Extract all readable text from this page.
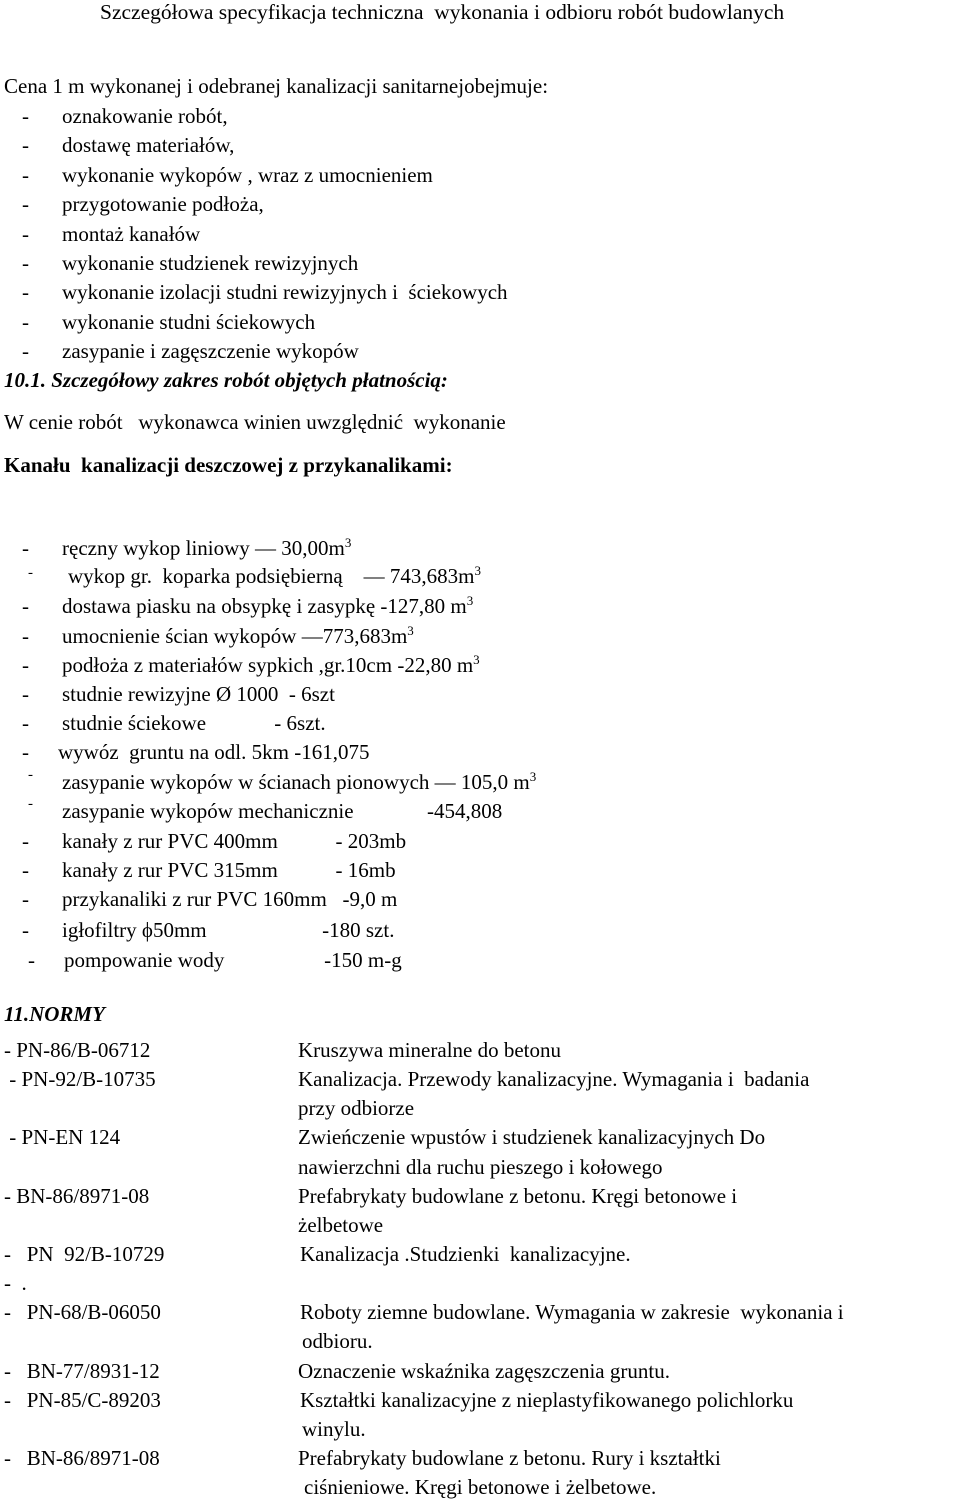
Szczegółowa specyfikacja techniczna  wykonania i odbioru robót budowlanych
Cena 1 m wykonanej i odebranej kanalizacji sanitarnejobejmuje:
- oznakowanie robót,
- dostawę materiałów,
- wykonanie wykopów , wraz z umocnieniem
- przygotowanie podłoża,
- montaż kanałów
- wykonanie studzienek rewizyjnych
- wykonanie izolacji studni rewizyjnych i  ściekowych
- wykonanie studni ściekowych
- zasypanie i zagęszczenie wykopów
10.1. Szczegółowy zakres robót objętych płatnością:
W cenie robót   wykonawca winien uwzględnić  wykonanie
Kanału  kanalizacji deszczowej z przykanalikami:
- ręczny wykop liniowy — $30,00m^3$
- wykop gr.  koparka podsiębierną    — $743,683m^3$
- dostawa piasku na obsypkę i zasypkę -127,80 $m^3$
- umocnienie ścian wykopów $—773,683m^3$
- podłoża z materiałów sypkich ,gr.10cm -22,80 $m^3$
- studnie rewizyjne Ø 1000  - 6szt
- studnie ściekowe             - 6szt.
- wywóz  gruntu na odl. 5km -161,075
- zasypanie wykopów w ścianach pionowych — 105,0 $m^3$
- zasypanie wykopów mechanicznie              -454,808
- kanały z rur PVC 400mm           - 203mb
- kanały z rur PVC 315mm           - 16mb
- przykanaliki z rur PVC 160mm   -9,0 m
- igłofiltry ϕ50mm                      -180 szt.
- pompowanie wody                   -150 m-g
11.NORMY
- PN-86/B-06712	Kruszywa mineralne do betonu
- PN-92/B-10735	Kanalizacja. Przewody kanalizacyjne. Wymagania i  badania
przy odbiorze
- PN-EN 124	Zwieńczenie wpustów i studzienek kanalizacyjnych Do
nawierzchni dla ruchu pieszego i kołowego
- BN-86/8971-08	Prefabrykaty budowlane z betonu. Kręgi betonowe i
żelbetowe
-   PN  92/B-10729	Kanalizacja .Studzienki  kanalizacyjne.
-  .
-   PN-68/B-06050	Roboty ziemne budowlane. Wymagania w zakresie  wykonania i
odbioru.
-   BN-77/8931-12	Oznaczenie wskaźnika zagęszczenia gruntu.
-   PN-85/C-89203	Kształtki kanalizacyjne z nieplastyfikowanego polichlorku
winylu.
-   BN-86/8971-08	Prefabrykaty budowlane z betonu. Rury i kształtki
ciśnieniowe. Kręgi betonowe i żelbetowe.
